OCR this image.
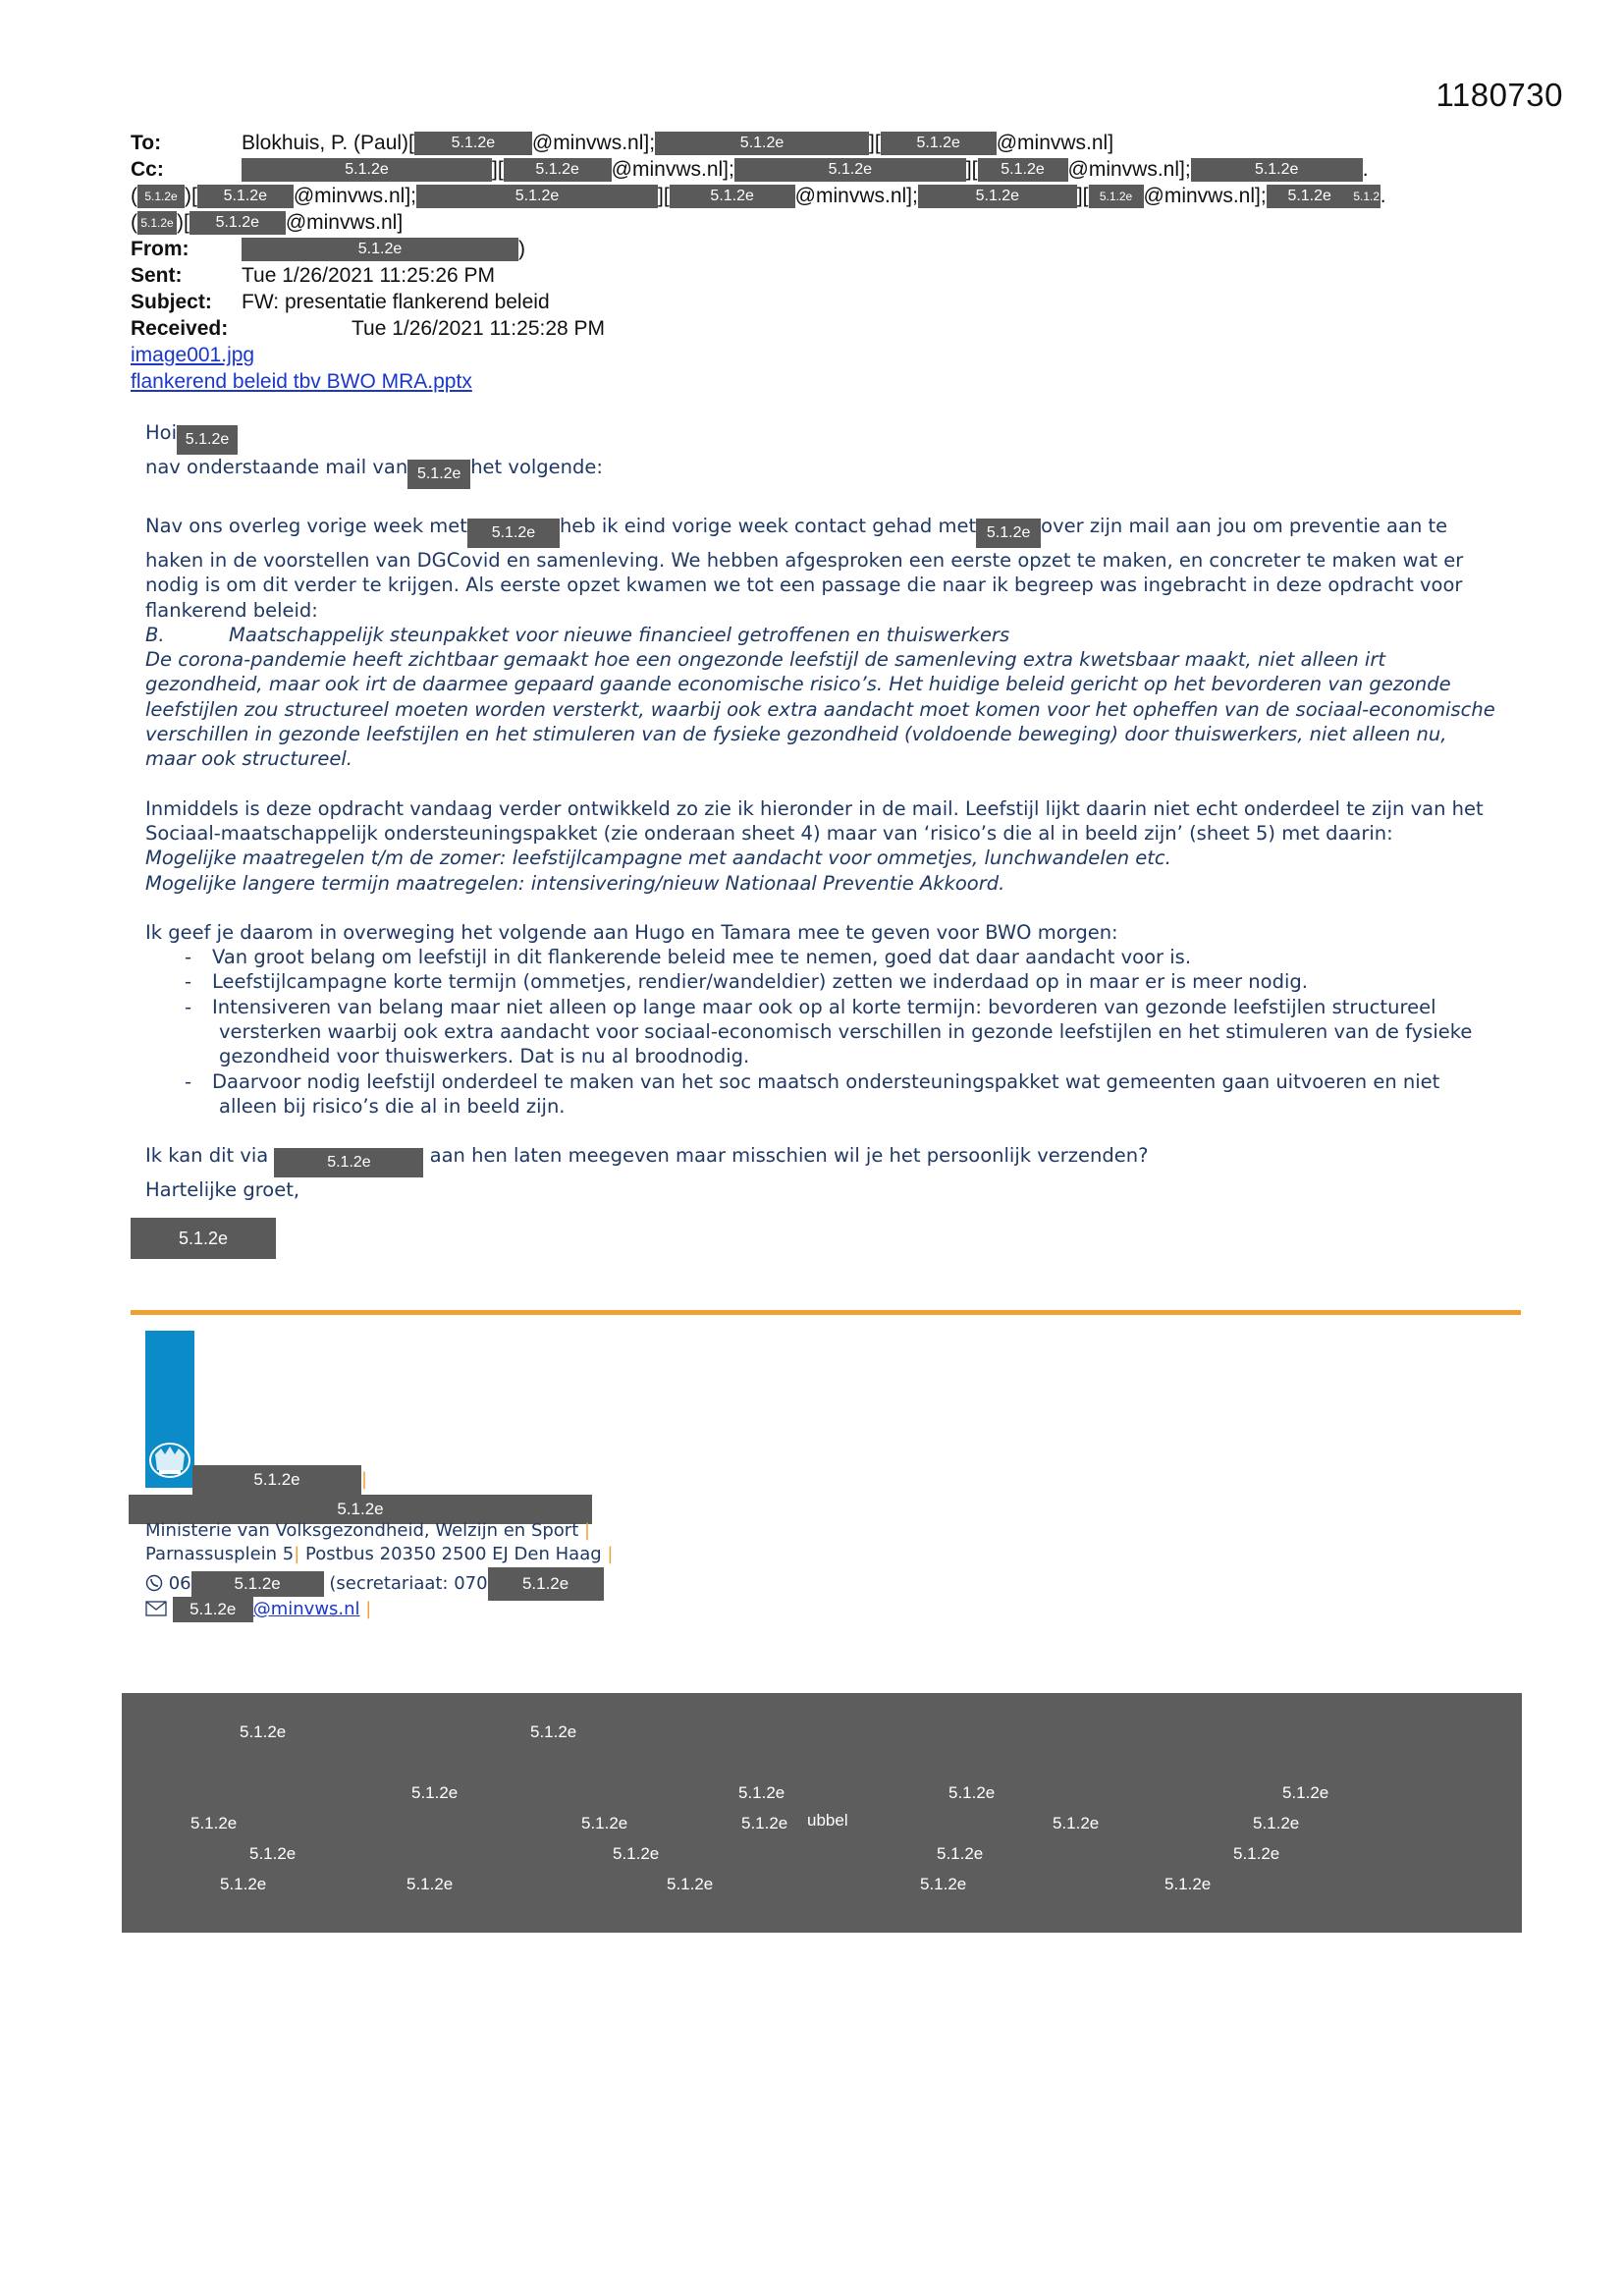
1180730
To:	Blokhuis, P. (Paul)[ 5.1.2e @minvws.nl];	5.1.2e	][ 5.1.2e @minvws.nl]
Cc:	5.1.2e	][ 5.1.2e @minvws.nl];	5.1.2e	][ 5.1.2e @minvws.nl];	5.1.2e	.
( 5.1.2e )[ 5.1.2e @minvws.nl];	5.1.2e	][	5.1.2e @minvws.nl];	5.1.2e	][ 5.1.2e @minvws.nl]; 5.1.2e 5.1.2.
( 5.1.2e )[ 5.1.2e @minvws.nl]
From:	5.1.2e	)
Sent:	Tue 1/26/2021 11:25:26 PM
Subject: FW: presentatie flankerend beleid
Received:	Tue 1/26/2021 11:25:28 PM
image001.jpg
flankerend beleid tbv BWO MRA.pptx

Hoi 5.1.2e

nav onderstaande mail van 5.1.2e het volgende:

Nav ons overleg vorige week met 5.1.2e heb ik eind vorige week contact gehad met 5.1.2e over zijn mail aan jou om preventie aan te haken in de voorstellen van DGCovid en samenleving. We hebben afgesproken een eerste opzet te maken, en concreter te maken wat er nodig is om dit verder te krijgen. Als eerste opzet kwamen we tot een passage die naar ik begreep was ingebracht in deze opdracht voor flankerend beleid:

B.	Maatschappelijk steunpakket voor nieuwe financieel getroffenen en thuiswerkers

De corona-pandemie heeft zichtbaar gemaakt hoe een ongezonde leefstijl de samenleving extra kwetsbaar maakt, niet alleen irt gezondheid, maar ook irt de daarmee gepaard gaande economische risico’s. Het huidige beleid gericht op het bevorderen van gezonde leefstijlen zou structureel moeten worden versterkt, waarbij ook extra aandacht moet komen voor het opheffen van de sociaal-economische verschillen in gezonde leefstijlen en het stimuleren van de fysieke gezondheid (voldoende beweging) door thuiswerkers, niet alleen nu, maar ook structureel.

Inmiddels is deze opdracht vandaag verder ontwikkeld zo zie ik hieronder in de mail. Leefstijl lijkt daarin niet echt onderdeel te zijn van het Sociaal-maatschappelijk ondersteuningspakket (zie onderaan sheet 4) maar van ‘risico’s die al in beeld zijn’ (sheet 5) met daarin:

Mogelijke maatregelen t/m de zomer: leefstijlcampagne met aandacht voor ommetjes, lunchwandelen etc.

Mogelijke langere termijn maatregelen: intensivering/nieuw Nationaal Preventie Akkoord.

Ik geef je daarom in overweging het volgende aan Hugo en Tamara mee te geven voor BWO morgen:

- Van groot belang om leefstijl in dit flankerende beleid mee te nemen, goed dat daar aandacht voor is.
- Leefstijlcampagne korte termijn (ommetjes, rendier/wandeldier) zetten we inderdaad op in maar er is meer nodig.
- Intensiveren van belang maar niet alleen op lange maar ook op al korte termijn: bevorderen van gezonde leefstijlen structureel versterken waarbij ook extra aandacht voor sociaal-economisch verschillen in gezonde leefstijlen en het stimuleren van de fysieke gezondheid voor thuiswerkers. Dat is nu al broodnodig.
- Daarvoor nodig leefstijl onderdeel te maken van het soc maatsch ondersteuningspakket wat gemeenten gaan uitvoeren en niet alleen bij risico’s die al in beeld zijn.

Ik kan dit via	5.1.2e	aan hen laten meegeven maar misschien wil je het persoonlijk verzenden?

Hartelijke groet,

5.1.2e
5.1.2e	|
5.1.2e
Ministerie van Volksgezondheid, Welzijn en Sport |
Parnassusplein 5| Postbus 20350 2500 EJ Den Haag |
06	5.1.2e	(secretariaat: 070 5.1.2e
5.1.2e @minvws.nl |
5.1.2e	5.1.2e
5.1.2e	5.1.2e	5.1.2e	5.1.2e
5.1.2e	5.1.2e	5.1.2e ubbel	5.1.2e	5.1.2e
5.1.2e	5.1.2e	5.1.2e	5.1.2e
5.1.2e	5.1.2e	5.1.2e	5.1.2e	5.1.2e
